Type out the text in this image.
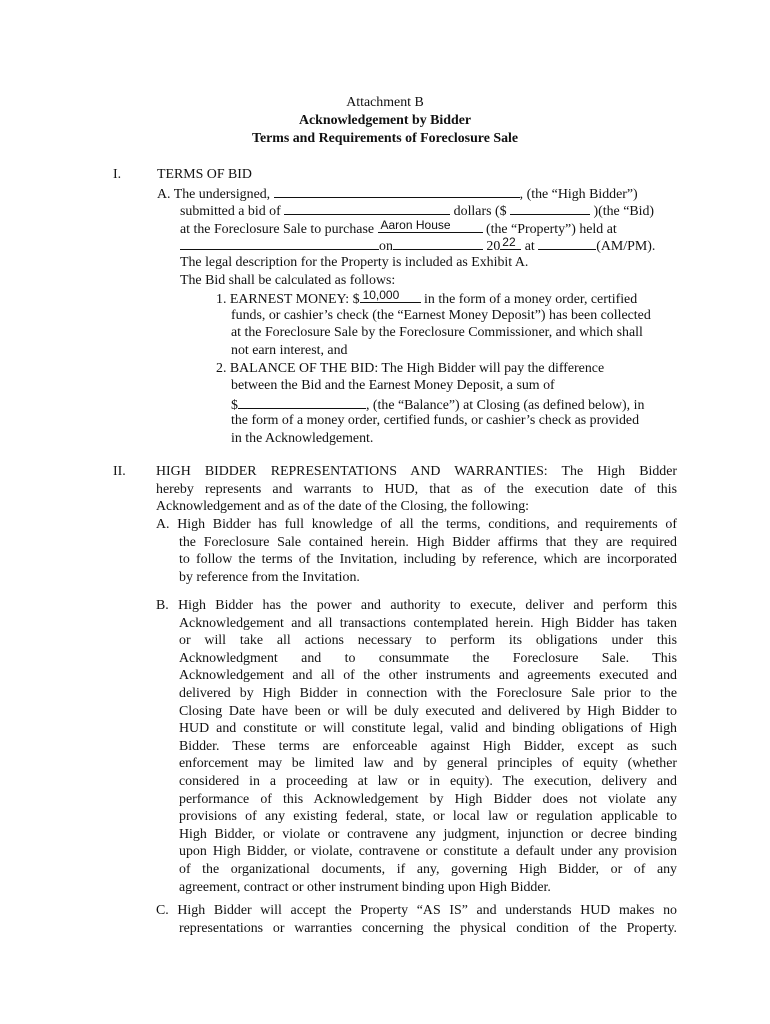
Attachment B
Acknowledgement by Bidder
Terms and Requirements of Foreclosure Sale
I.	TERMS OF BID
A. The undersigned,	, (the “High Bidder”)
submitted a bid of	dollars ($	)(the “Bid)
at the Foreclosure Sale to purchase Aaron House	(the “Property”) held at
on	20 22 at	(AM/PM).
The legal description for the Property is included as Exhibit A.
The Bid shall be calculated as follows:
1. EARNEST MONEY: $ 10,000 in the form of a money order, certified
funds, or cashier’s check (the “Earnest Money Deposit”) has been collected
at the Foreclosure Sale by the Foreclosure Commissioner, and which shall
not earn interest, and
2. BALANCE OF THE BID: The High Bidder will pay the difference
between the Bid and the Earnest Money Deposit, a sum of
$	, (the “Balance”) at Closing (as defined below), in
the form of a money order, certified funds, or cashier’s check as provided
in the Acknowledgement.
II. HIGH BIDDER REPRESENTATIONS AND WARRANTIES: The High Bidder
hereby represents and warrants to HUD, that as of the execution date of this
Acknowledgement and as of the date of the Closing, the following:
A. High Bidder has full knowledge of all the terms, conditions, and requirements of
the Foreclosure Sale contained herein. High Bidder affirms that they are required
to follow the terms of the Invitation, including by reference, which are incorporated
by reference from the Invitation.
B. High Bidder has the power and authority to execute, deliver and perform this
Acknowledgement and all transactions contemplated herein. High Bidder has taken
or will take all actions necessary to perform its obligations under this
Acknowledgment and to consummate the Foreclosure Sale. This
Acknowledgement and all of the other instruments and agreements executed and
delivered by High Bidder in connection with the Foreclosure Sale prior to the
Closing Date have been or will be duly executed and delivered by High Bidder to
HUD and constitute or will constitute legal, valid and binding obligations of High
Bidder. These terms are enforceable against High Bidder, except as such
enforcement may be limited law and by general principles of equity (whether
considered in a proceeding at law or in equity). The execution, delivery and
performance of this Acknowledgement by High Bidder does not violate any
provisions of any existing federal, state, or local law or regulation applicable to
High Bidder, or violate or contravene any judgment, injunction or decree binding
upon High Bidder, or violate, contravene or constitute a default under any provision
of the organizational documents, if any, governing High Bidder, or of any
agreement, contract or other instrument binding upon High Bidder.
C. High Bidder will accept the Property “AS IS” and understands HUD makes no
representations or warranties concerning the physical condition of the Property.
